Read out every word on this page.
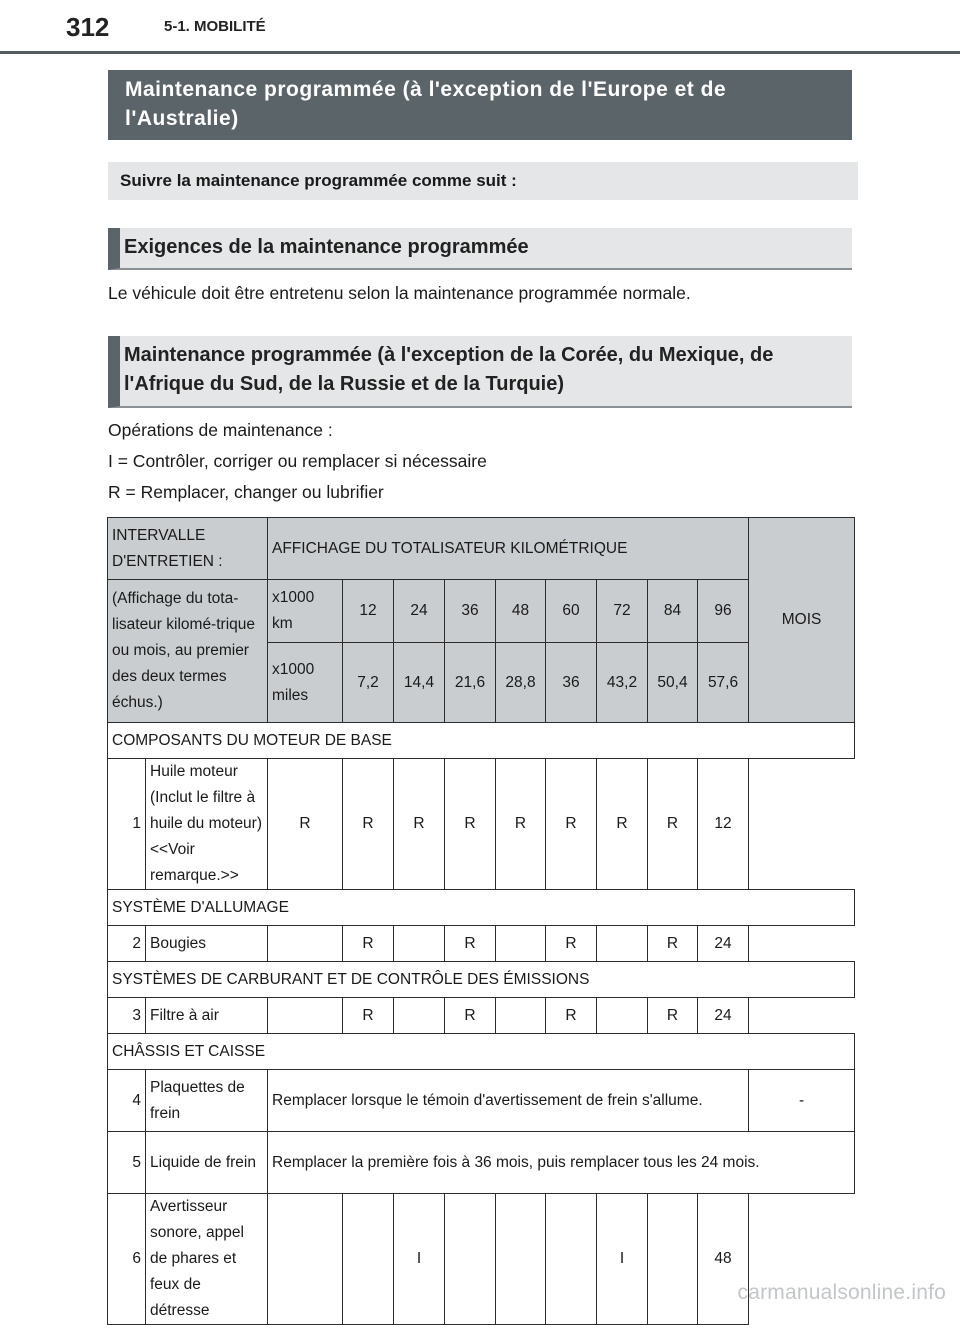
312	5-1. MOBILITÉ
Maintenance programmée (à l'exception de l'Europe et de l'Australie)
Suivre la maintenance programmée comme suit :
Exigences de la maintenance programmée
Le véhicule doit être entretenu selon la maintenance programmée normale.
Maintenance programmée (à l'exception de la Corée, du Mexique, de l'Afrique du Sud, de la Russie et de la Turquie)
Opérations de maintenance :
I = Contrôler, corriger ou remplacer si nécessaire
R = Remplacer, changer ou lubrifier
INTERVALLE D'ENTRETIEN :		AFFICHAGE DU TOTALISATEUR KILOMÉTRIQUE									MOIS
(Affichage du tota-lisateur kilomé-trique ou mois, au premier des deux termes échus.)		x1000 km	12	24	36	48	60	72	84	96	
		x1000 miles	7,2	14,4	21,6	28,8	36	43,2	50,4	57,6	
COMPOSANTS DU MOTEUR DE BASE											
1	Huile moteur (Inclut le filtre à huile du moteur) <<Voir remarque.>>	R	R	R	R	R	R	R	R	12	
SYSTÈME D'ALLUMAGE											
2	Bougies		R		R		R		R	24	
SYSTÈMES DE CARBURANT ET DE CONTRÔLE DES ÉMISSIONS											
3	Filtre à air		R		R		R		R	24	
CHÂSSIS ET CAISSE											
4	Plaquettes de frein	Remplacer lorsque le témoin d'avertissement de frein s'allume.									-
5	Liquide de frein	Remplacer la première fois à 36 mois, puis remplacer tous les 24 mois.									
6	Avertisseur sonore, appel de phares et feux de détresse			I				I		48	
carmanualsonline.info
